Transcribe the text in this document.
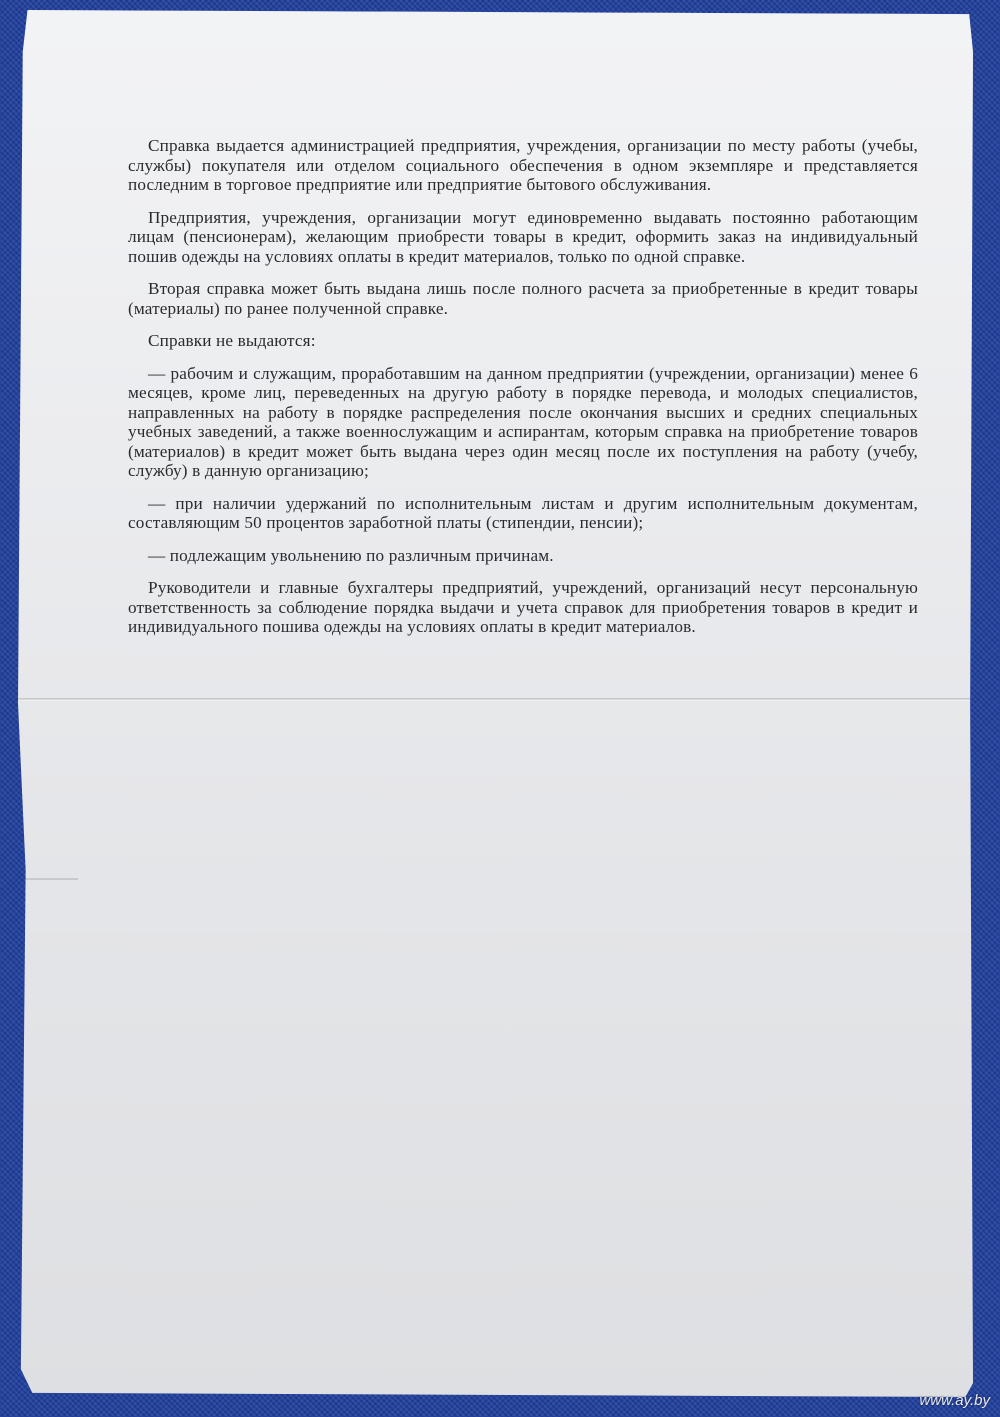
Справка выдается администрацией предприятия, учреждения, организации по месту работы (учебы, службы) покупателя или отделом социального обеспечения в одном экземпляре и представляется последним в торговое предприятие или предприятие бытового обслуживания.

Предприятия, учреждения, организации могут единовременно выдавать постоянно работающим лицам (пенсионерам), желающим приобрести товары в кредит, оформить заказ на индивидуальный пошив одежды на условиях оплаты в кредит материалов, только по одной справке.

Вторая справка может быть выдана лишь после полного расчета за приобретенные в кредит товары (материалы) по ранее полученной справке.

Справки не выдаются:

— рабочим и служащим, проработавшим на данном предприятии (учреждении, организации) менее 6 месяцев, кроме лиц, переведенных на другую работу в порядке перевода, и молодых специалистов, направленных на работу в порядке распределения после окончания высших и средних специальных учебных заведений, а также военнослужащим и аспирантам, которым справка на приобретение товаров (материалов) в кредит может быть выдана через один месяц после их поступления на работу (учебу, службу) в данную организацию;

— при наличии удержаний по исполнительным листам и другим исполнительным документам, составляющим 50 процентов заработной платы (стипендии, пенсии);

— подлежащим увольнению по различным причинам.

Руководители и главные бухгалтеры предприятий, учреждений, организаций несут персональную ответственность за соблюдение порядка выдачи и учета справок для приобретения товаров в кредит и индивидуального пошива одежды на условиях оплаты в кредит материалов.

www.ay.by
